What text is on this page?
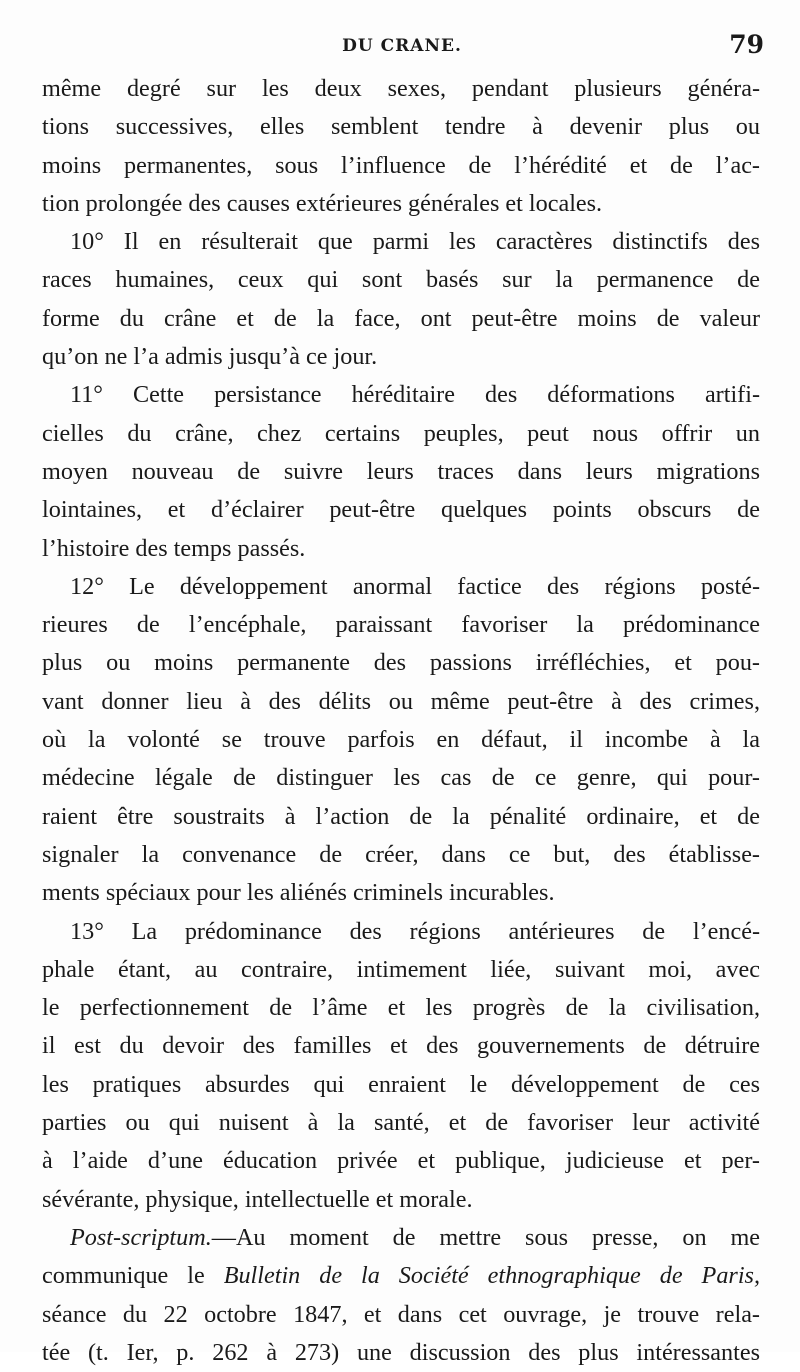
DU CRANE.	79
même degré sur les deux sexes, pendant plusieurs généra-
tions successives, elles semblent tendre à devenir plus ou
moins permanentes, sous l’influence de l’hérédité et de l’ac-
tion prolongée des causes extérieures générales et locales.
10° Il en résulterait que parmi les caractères distinctifs des
races humaines, ceux qui sont basés sur la permanence de
forme du crâne et de la face, ont peut-être moins de valeur
qu’on ne l’a admis jusqu’à ce jour.
11° Cette persistance héréditaire des déformations artifi-
cielles du crâne, chez certains peuples, peut nous offrir un
moyen nouveau de suivre leurs traces dans leurs migrations
lointaines, et d’éclairer peut-être quelques points obscurs de
l’histoire des temps passés.
12° Le développement anormal factice des régions posté-
rieures de l’encéphale, paraissant favoriser la prédominance
plus ou moins permanente des passions irréfléchies, et pou-
vant donner lieu à des délits ou même peut-être à des crimes,
où la volonté se trouve parfois en défaut, il incombe à la
médecine légale de distinguer les cas de ce genre, qui pour-
raient être soustraits à l’action de la pénalité ordinaire, et de
signaler la convenance de créer, dans ce but, des établisse-
ments spéciaux pour les aliénés criminels incurables.
13° La prédominance des régions antérieures de l’encé-
phale étant, au contraire, intimement liée, suivant moi, avec
le perfectionnement de l’âme et les progrès de la civilisation,
il est du devoir des familles et des gouvernements de détruire
les pratiques absurdes qui enraient le développement de ces
parties ou qui nuisent à la santé, et de favoriser leur activité
à l’aide d’une éducation privée et publique, judicieuse et per-
sévérante, physique, intellectuelle et morale.
Post-scriptum.—Au moment de mettre sous presse, on me
communique le Bulletin de la Société ethnographique de Paris,
séance du 22 octobre 1847, et dans cet ouvrage, je trouve rela-
tée (t. Ier, p. 262 à 273) une discussion des plus intéressantes
